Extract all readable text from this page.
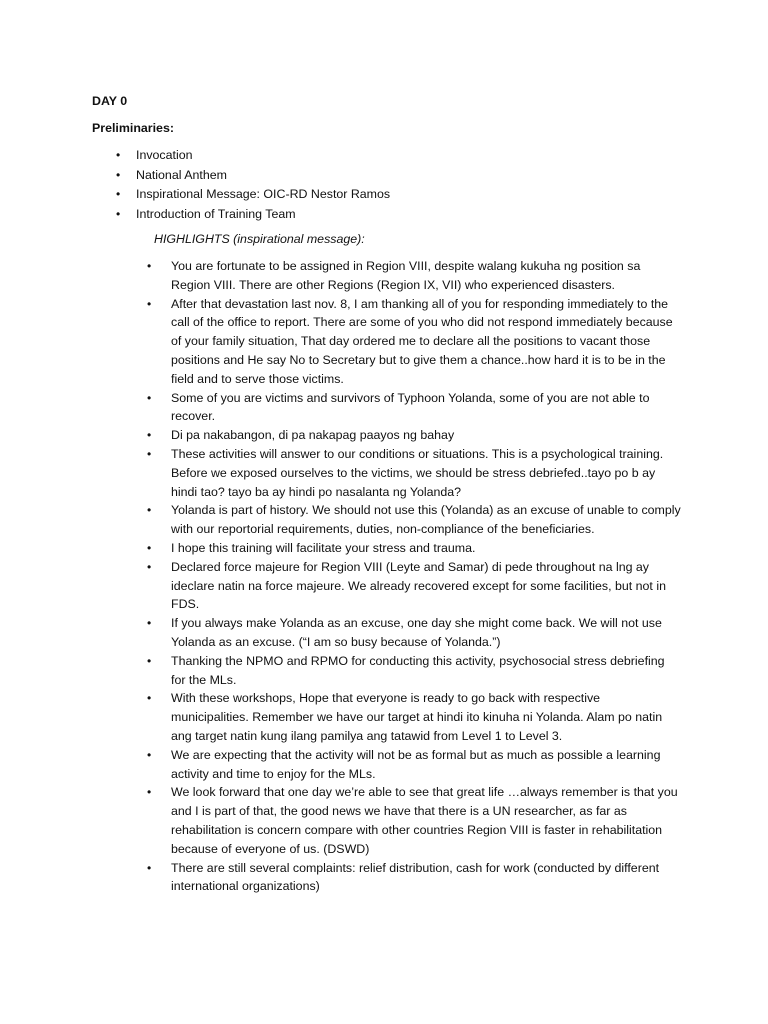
DAY 0
Preliminaries:
• Invocation
• National Anthem
• Inspirational Message: OIC-RD Nestor Ramos
• Introduction of Training Team
HIGHLIGHTS (inspirational message):
• You are fortunate to be assigned in Region VIII, despite walang kukuha ng position sa Region VIII. There are other Regions (Region IX, VII) who experienced disasters.
• After that devastation last nov. 8, I am thanking all of you for responding immediately to the call of the office to report. There are some of you who did not respond immediately because of your family situation, That day ordered me to declare all the positions to vacant those positions and He say No to Secretary but to give them a chance..how hard it is to be in the field and to serve those victims.
• Some of you are victims and survivors of Typhoon Yolanda, some of you are not able to recover.
• Di pa nakabangon, di pa nakapag paayos ng bahay
• These activities will answer to our conditions or situations. This is a psychological training. Before we exposed ourselves to the victims, we should be stress debriefed..tayo po b ay hindi tao? tayo ba ay hindi po nasalanta ng Yolanda?
• Yolanda is part of history. We should not use this (Yolanda) as an excuse of unable to comply with our reportorial requirements, duties, non-compliance of the beneficiaries.
• I hope this training will facilitate your stress and trauma.
• Declared force majeure for Region VIII (Leyte and Samar) di pede throughout na lng ay ideclare natin na force majeure. We already recovered except for some facilities, but not in FDS.
• If you always make Yolanda as an excuse, one day she might come back. We will not use Yolanda as an excuse. (“I am so busy because of Yolanda.”)
• Thanking the NPMO and RPMO for conducting this activity, psychosocial stress debriefing for the MLs.
• With these workshops, Hope that everyone is ready to go back with respective municipalities. Remember we have our target at hindi ito kinuha ni Yolanda. Alam po natin ang target natin kung ilang pamilya ang tatawid from Level 1 to Level 3.
• We are expecting that the activity will not be as formal but as much as possible a learning activity and time to enjoy for the MLs.
• We look forward that one day we’re able to see that great life …always remember is that you and I is part of that, the good news we have that there is a UN researcher, as far as rehabilitation is concern compare with other countries Region VIII is faster in rehabilitation because of everyone of us. (DSWD)
• There are still several complaints: relief distribution, cash for work (conducted by different international organizations)
